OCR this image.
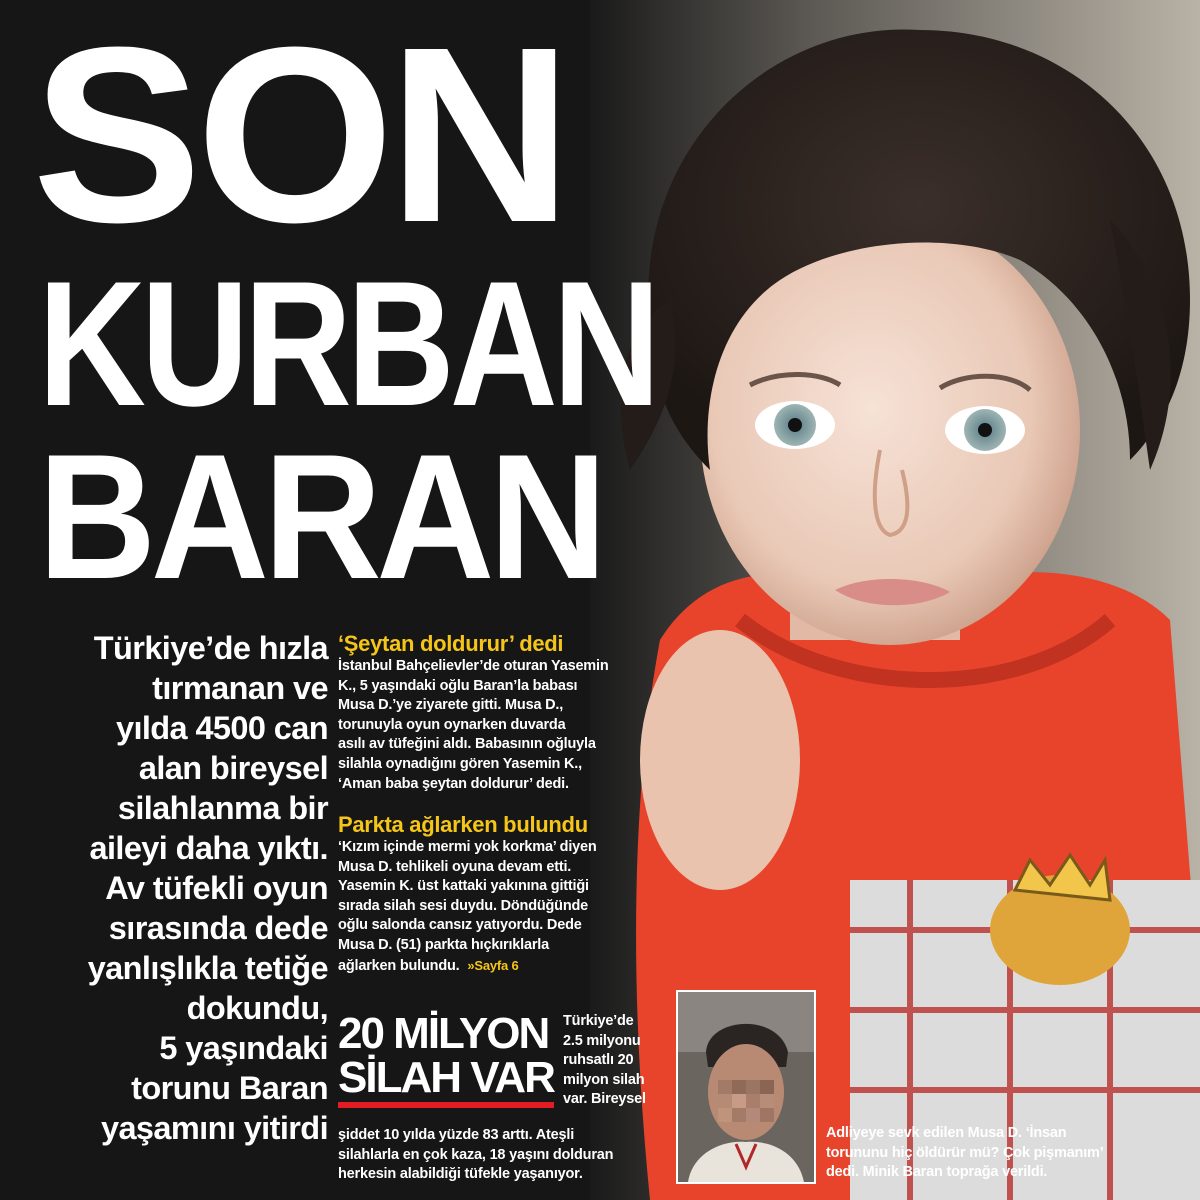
SON
KURBAN
BARAN
Türkiye’de hızla
tırmanan ve
yılda 4500 can
alan bireysel
silahlanma bir
aileyi daha yıktı.
Av tüfekli oyun
sırasında dede
yanlışlıkla tetiğe
dokundu,
5 yaşındaki
torunu Baran
yaşamını yitirdi
‘Şeytan doldurur’ dedi
İstanbul Bahçelievler’de oturan Yasemin
K., 5 yaşındaki oğlu Baran’la babası
Musa D.’ye ziyarete gitti. Musa D.,
torunuyla oyun oynarken duvarda
asılı av tüfeğini aldı. Babasının oğluyla
silahla oynadığını gören Yasemin K.,
‘Aman baba şeytan doldurur’ dedi.
Parkta ağlarken bulundu
‘Kızım içinde mermi yok korkma’ diyen
Musa D. tehlikeli oyuna devam etti.
Yasemin K. üst kattaki yakınına gittiği
sırada silah sesi duydu. Döndüğünde
oğlu salonda cansız yatıyordu. Dede
Musa D. (51) parkta hıçkırıklarla
ağlarken bulundu. »Sayfa 6
20 MİLYON
SİLAH VAR
Türkiye’de
2.5 milyonu
ruhsatlı 20
milyon silah
var. Bireysel
şiddet 10 yılda yüzde 83 arttı. Ateşli
silahlarla en çok kaza, 18 yaşını dolduran
herkesin alabildiği tüfekle yaşanıyor.
Adliyeye sevk edilen Musa D. ‘İnsan
torununu hiç öldürür mü? Çok pişmanım’
dedi. Minik Baran toprağa verildi.
